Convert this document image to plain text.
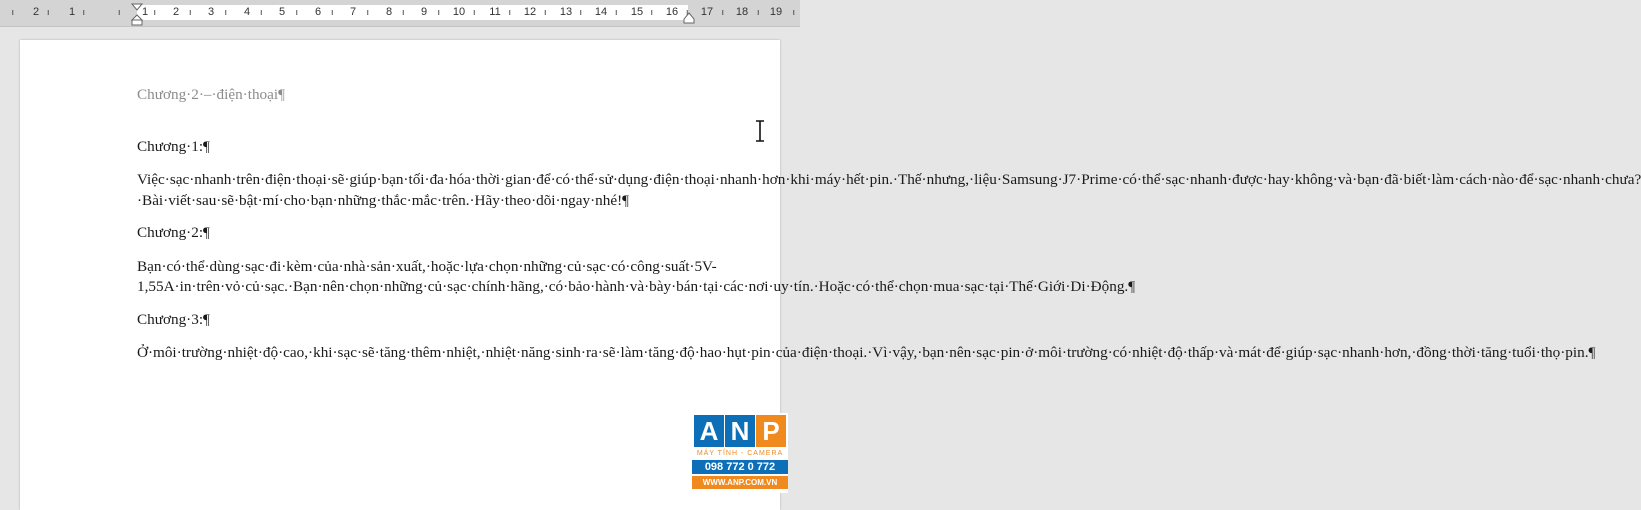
2	1	2	3	4	5	6	7	8	9 10 11 12 13 14 15 16 17 18 19
1

Chương·2·–·điện·thoại¶

Chương·1:¶

Việc·sạc·nhanh·trên·điện·thoại·sẽ·giúp·bạn·tối·đa·hóa·thời·gian·để·có·thể·sử·dụng·điện·thoại·nhanh·hơn·khi·máy·hết·pin.·Thế·nhưng,·liệu·Samsung·J7·Prime·có·thể·sạc·nhanh·được·hay·không·và·bạn·đã·biết·làm·cách·nào·để·sạc·nhanh·chưa?·Bài·viết·sau·sẽ·bật·mí·cho·bạn·những·thắc·mắc·trên.·Hãy·theo·dõi·ngay·nhé!¶

Chương·2:¶

Bạn·có·thể·dùng·sạc·đi·kèm·của·nhà·sản·xuất,·hoặc·lựa·chọn·những·củ·sạc·có·công·suất·5V-1,55A·in·trên·vỏ·củ·sạc.·Bạn·nên·chọn·những·củ·sạc·chính·hãng,·có·bảo·hành·và·bày·bán·tại·các·nơi·uy·tín.·Hoặc·có·thể·chọn·mua·sạc·tại·Thế·Giới·Di·Động.¶

Chương·3:¶

Ở·môi·trường·nhiệt·độ·cao,·khi·sạc·sẽ·tăng·thêm·nhiệt,·nhiệt·năng·sinh·ra·sẽ·làm·tăng·độ·hao·hụt·pin·của·điện·thoại.·Vì·vậy,·bạn·nên·sạc·pin·ở·môi·trường·có·nhiệt·độ·thấp·và·mát·để·giúp·sạc·nhanh·hơn,·đồng·thời·tăng·tuổi·thọ·pin.¶

A N P
MÁY TÍNH - CAMERA
098 772 0 772
WWW.ANP.COM.VN
